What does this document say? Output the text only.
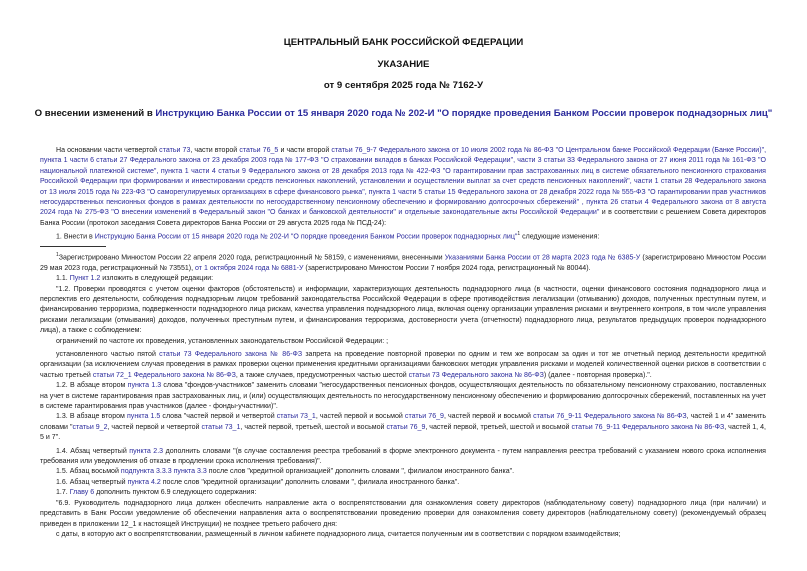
ЦЕНТРАЛЬНЫЙ БАНК РОССИЙСКОЙ ФЕДЕРАЦИИ
УКАЗАНИЕ
от 9 сентября 2025 года № 7162-У
О внесении изменений в Инструкцию Банка России от 15 января 2020 года № 202-И "О порядке проведения Банком России проверок поднадзорных лиц"

На основании части четвертой статьи 73, части второй статьи 76_5 и части второй статьи 76_9-7 Федерального закона от 10 июля 2002 года № 86-ФЗ "О Центральном банке Российской Федерации (Банке России)", пункта 1 части 6 статьи 27 Федерального закона от 23 декабря 2003 года № 177-ФЗ "О страховании вкладов в банках Российской Федерации", части 3 статьи 33 Федерального закона от 27 июня 2011 года № 161-ФЗ "О национальной платежной системе", пункта 1 части 4 статьи 9 Федерального закона от 28 декабря 2013 года № 422-ФЗ "О гарантировании прав застрахованных лиц в системе обязательного пенсионного страхования Российской Федерации при формировании и инвестировании средств пенсионных накоплений, установлении и осуществлении выплат за счет средств пенсионных накоплений", части 1 статьи 28 Федерального закона от 13 июля 2015 года № 223-ФЗ "О саморегулируемых организациях в сфере финансового рынка", пункта 1 части 5 статьи 15 Федерального закона от 28 декабря 2022 года № 555-ФЗ "О гарантировании прав участников негосударственных пенсионных фондов в рамках деятельности по негосударственному пенсионному обеспечению и формированию долгосрочных сбережений" , пункта 26 статьи 4 Федерального закона от 8 августа 2024 года № 275-ФЗ "О внесении изменений в Федеральный закон "О банках и банковской деятельности" и отдельные законодательные акты Российской Федерации" и в соответствии с решением Совета директоров Банка России (протокол заседания Совета директоров Банка России от 29 августа 2025 года № ПСД-24):

1. Внести в Инструкцию Банка России от 15 января 2020 года № 202-И "О порядке проведения Банком России проверок поднадзорных лиц"$^1$ следующие изменения:

$^1$Зарегистрировано Минюстом России 22 апреля 2020 года, регистрационный № 58159, с изменениями, внесенными Указаниями Банка России от 28 марта 2023 года № 6385-У (зарегистрировано Минюстом России 29 мая 2023 года, регистрационный № 73551), от 1 октября 2024 года № 6881-У (зарегистрировано Минюстом России 7 ноября 2024 года, регистрационный № 80044).

1.1. Пункт 1.2 изложить в следующей редакции:

"1.2. Проверки проводятся с учетом оценки факторов (обстоятельств) и информации, характеризующих деятельность поднадзорного лица (в частности, оценки финансового состояния поднадзорного лица и перспектив его деятельности, соблюдения поднадзорным лицом требований законодательства Российской Федерации в сфере противодействия легализации (отмыванию) доходов, полученных преступным путем, и финансированию терроризма, подверженности поднадзорного лица рискам, качества управления поднадзорного лица, включая оценку организации управления рисками и внутреннего контроля, в том числе управления рисками легализации (отмывания) доходов, полученных преступным путем, и финансирования терроризма, достоверности учета (отчетности) поднадзорного лица, результатов предыдущих проверок поднадзорного лица), а также с соблюдением:

ограничений по частоте их проведения, установленных законодательством Российской Федерации: ;

установленного частью пятой статьи 73 Федерального закона № 86-ФЗ запрета на проведение повторной проверки по одним и тем же вопросам за один и тот же отчетный период деятельности кредитной организации (за исключением случая проведения в рамках проверки оценки применения кредитными организациями банковских методик управления рисками и моделей количественной оценки рисков в соответствии с частью третьей статьи 72_1 Федерального закона № 86-ФЗ, а также случаев, предусмотренных частью шестой статьи 73 Федерального закона № 86-ФЗ) (далее - повторная проверка).".

1.2. В абзаце втором пункта 1.3 слова "фондов-участников" заменить словами "негосударственных пенсионных фондов, осуществляющих деятельность по обязательному пенсионному страхованию, поставленных на учет в системе гарантирования прав застрахованных лиц, и (или) осуществляющих деятельность по негосударственному пенсионному обеспечению и формированию долгосрочных сбережений, поставленных на учет в системе гарантирования прав участников (далее - фонды-участники)".

1.3. В абзаце втором пункта 1.5 слова "частей первой и четвертой статьи 73_1, частей первой и восьмой статьи 76_9, частей первой и восьмой статьи 76_9-11 Федерального закона № 86-ФЗ, частей 1 и 4" заменить словами "статьи 9_2, частей первой и четвертой статьи 73_1, частей первой, третьей, шестой и восьмой статьи 76_9, частей первой, третьей, шестой и восьмой статьи 76_9-11 Федерального закона № 86-ФЗ, частей 1, 4, 5 и 7".

1.4. Абзац четвертый пункта 2.3 дополнить словами "(в случае составления реестра требований в форме электронного документа - путем направления реестра требований с указанием нового срока исполнения требования или уведомления об отказе в продлении срока исполнения требования)".

1.5. Абзац восьмой подпункта 3.3.3 пункта 3.3 после слов "кредитной организацией" дополнить словами ", филиалом иностранного банка".

1.6. Абзац четвертый пункта 4.2 после слов "кредитной организации" дополнить словами ", филиала иностранного банка".

1.7. Главу 6 дополнить пунктом 6.9 следующего содержания:

"6.9. Руководитель поднадзорного лица должен обеспечить направление акта о воспрепятствовании для ознакомления совету директоров (наблюдательному совету) поднадзорного лица (при наличии) и представить в Банк России уведомление об обеспечении направления акта о воспрепятствовании проведению проверки для ознакомления совету директоров (наблюдательному совету) (рекомендуемый образец приведен в приложении 12_1 к настоящей Инструкции) не позднее третьего рабочего дня:

с даты, в которую акт о воспрепятствовании, размещенный в личном кабинете поднадзорного лица, считается полученным им в соответствии с порядком взаимодействия;
